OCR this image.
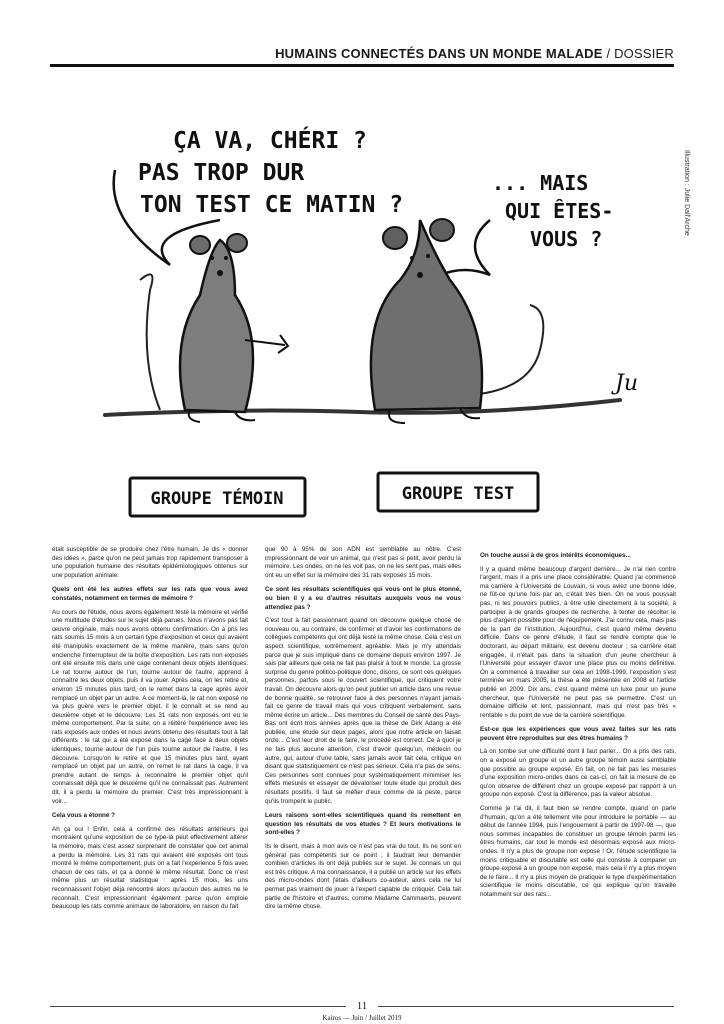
HUMAINS CONNECTÉS DANS UN MONDE MALADE / DOSSIER
Illustration : Julie Dall'Arche
ÇA VA, CHÉRI ?
PAS TROP DUR
TON TEST CE MATIN ?
... MAIS
QUI ÊTES-
VOUS ?
Ju
GROUPE TÉMOIN	GROUPE TEST

était susceptible de se produire chez l'être humain. Je dis « donner des idées », parce qu'on ne peut jamais trop rapidement transposer à une population humaine des résultats épidémiologiques obtenus sur une population animale.

Quels ont été les autres effets sur les rats que vous avez constatés, notamment en termes de mémoire ?

Au cours de l'étude, nous avons également testé la mémoire et vérifié une multitude d'études sur le sujet déjà parues. Nous n'avons pas fait œuvre originale, mais nous avons obtenu confirmation. On a pris les rats soumis 15 mois à un certain type d'exposition et ceux qui avaient été manipulés exactement de la même manière, mais sans qu'on enclenche l'interrupteur de la boîte d'exposition. Les rats non exposés ont été ensuite mis dans une cage contenant deux objets identiques. Le rat tourne autour de l'un, tourne autour de l'autre, apprend à connaître les deux objets, puis il va jouer. Après cela, on les retire et, environ 15 minutes plus tard, on le remet dans la cage après avoir remplacé un objet par un autre. A ce moment-là, le rat non exposé ne va plus guère vers le premier objet, il le connaît et se rend au deuxième objet et le découvre. Les 31 rats non exposés ont eu le même comportement. Par la suite, on a réitéré l'expérience avec les rats exposés aux ondes et nous avons obtenu des résultats tout à fait différents : le rat qui a été exposé dans la cage face à deux objets identiques, tourne autour de l'un puis tourne autour de l'autre, il les découvre. Lorsqu'on le retire et que 15 minutes plus tard, ayant remplacé un objet par un autre, on remet le rat dans la cage, il va prendre autant de temps à reconnaître le premier objet qu'il connaissait déjà que le deuxième qu'il ne connaissait pas. Autrement dit, il a perdu la mémoire du premier. C'est très impressionnant à voir...

Cela vous a étonné ?

Ah ça oui ! Enfin, cela a confirmé des résultats antérieurs qui montraient qu'une exposition de ce type-là peut effectivement altérer la mémoire, mais c'est assez surprenant de constater que cet animal a perdu la mémoire. Les 31 rats qui avaient été exposés ont tous montré le même comportement, puis on a fait l'expérience 5 fois avec chacun de ces rats, et ça a donné le même résultat. Donc ce n'est même plus un résultat statistique : après 15 mois, les uns reconnaissent l'objet déjà rencontré alors qu'aucun des autres ne le reconnaît. C'est impressionnant également parce qu'on emploie beaucoup les rats comme animaux de laboratoire, en raison du fait

que 90 à 95% de son ADN est semblable au nôtre. C'est impressionnant de voir un animal, qui n'est pas si petit, avoir perdu la mémoire. Les ondes, on ne les voit pas, on ne les sent pas, mais elles ont eu un effet sur la mémoire des 31 rats exposés 15 mois.

Ce sont les résultats scientifiques qui vous ont le plus étonné, ou bien il y a eu d'autres résultats auxquels vous ne vous attendiez pas ?

C'est tout à fait passionnant quand on découvre quelque chose de nouveau ou, au contraire, de confirmer et d'avoir les confirmations de collègues compétents qui ont déjà testé la même chose. Cela c'est un aspect scientifique, extrêmement agréable. Mais je m'y attendais parce que je suis impliqué dans ce domaine depuis environ 1997. Je sais par ailleurs que cela ne fait pas plaisir à tout le monde. La grosse surprise du genre politico-politique donc, disons, ce sont ces quelques personnes, parfois sous le couvert scientifique, qui critiquent votre travail. On découvre alors qu'on peut publier un article dans une revue de bonne qualité, se retrouver face à des personnes n'ayant jamais fait ce genre de travail mais qui vous critiquent verbalement, sans même écrire un article... Des membres du Conseil de santé des Pays-Bas ont écrit trois années après que la thèse de Dirk Adang a été publiée, une étude sur deux pages, alors que notre article en faisait onze... C'est leur droit de le faire, le procédé est correct. Ce à quoi je ne fais plus aucune attention, c'est d'avoir quelqu'un, médecin ou autre, qui, autour d'une table, sans jamais avoir fait cela, critique en disant que statistiquement ce n'est pas sérieux. Cela n'a pas de sens. Ces personnes sont connues pour systématiquement minimiser les effets mesurés et essayer de dévaloriser toute étude qui produit des résultats positifs. Il faut se méfier d'eux comme de la peste, parce qu'ils trompent le public.

Leurs raisons sont-elles scientifiques quand ils remettent en question les résultats de vos études ? Et leurs motivations le sont-elles ?

Ils le disent, mais à mon avis ce n'est pas vrai du tout. Ils ne sont en général pas compétents sur ce point ; il faudrait leur demander combien d'articles ils ont déjà publiés sur le sujet. Je connais un qui est très critique. A ma connaissance, il a publié un article sur les effets des micro-ondes dont j'étais d'ailleurs co-auteur, alors cela ne lui permet pas vraiment de jouer à l'expert capable de critiquer. Cela fait partie de l'histoire et d'autres, comme Madame Cammaerts, peuvent dire la même chose.

On touche aussi à de gros intérêts économiques...

Il y a quand même beaucoup d'argent derrière... Je n'ai rien contre l'argent, mais il a pris une place considérable. Quand j'ai commencé ma carrière à l'Université de Louvain, si vous aviez une bonne idée, ne fût-ce qu'une fois par an, c'était très bien. On ne vous poussait pas, ni les pouvoirs publics, à être utile directement à la société, à participer à de grands groupes de recherche, à tenter de récolter le plus d'argent possible pour de l'équipement. J'ai connu cela, mais pas de la part de l'institution. Aujourd'hui, c'est quand même devenu difficile. Dans ce genre d'étude, il faut se rendre compte que le doctorant, au départ militaire, est devenu docteur ; sa carrière était engagée, il n'était pas dans la situation d'un jeune chercheur à l'Université pour essayer d'avoir une place plus ou moins définitive. On a commencé à travailler sur cela en 1998-1999, l'exposition s'est terminée en mars 2005, la thèse a été présentée en 2008 et l'article publié en 2009. Dix ans, c'est quand même un luxe pour un jeune chercheur, que l'Université ne peut pas se permettre. C'est un domaine difficile et lent, passionnant, mais qui n'est pas très « rentable » du point de vue de la carrière scientifique.

Est-ce que les expériences que vous avez faites sur les rats peuvent être reproduites sur des êtres humains ?

Là on tombe sur une difficulté dont il faut parler... On a pris des rats, on a exposé un groupe et un autre groupe témoin aussi semblable que possible au groupe exposé. En fait, on ne fait pas les mesures d'une exposition micro-ondes dans ce cas-ci, on fait la mesure de ce qu'on observe de différent chez un groupe exposé par rapport à un groupe non exposé. C'est la différence, pas la valeur absolue.

Comme je l'ai dit, il faut bien se rendre compte, quand on parle d'humain, qu'on a été tellement vite pour introduire le portable — au début de l'année 1994, puis l'engouement à partir de 1997-98 —, que nous sommes incapables de constituer un groupe témoin parmi les êtres humains, car tout le monde est désormais exposé aux micro-ondes. Il n'y a plus de groupe non exposé ! Or, l'étude scientifique la moins critiquable et discutable est celle qui consiste à comparer un groupe exposé à un groupe non exposé, mais cela il n'y a plus moyen de le faire... Il n'y a plus moyen de pratiquer le type d'expérimentation scientifique le moins discutable, ce qui explique qu'on travaille notamment sur des rats...

11
Kairos — Juin / Juillet 2019
